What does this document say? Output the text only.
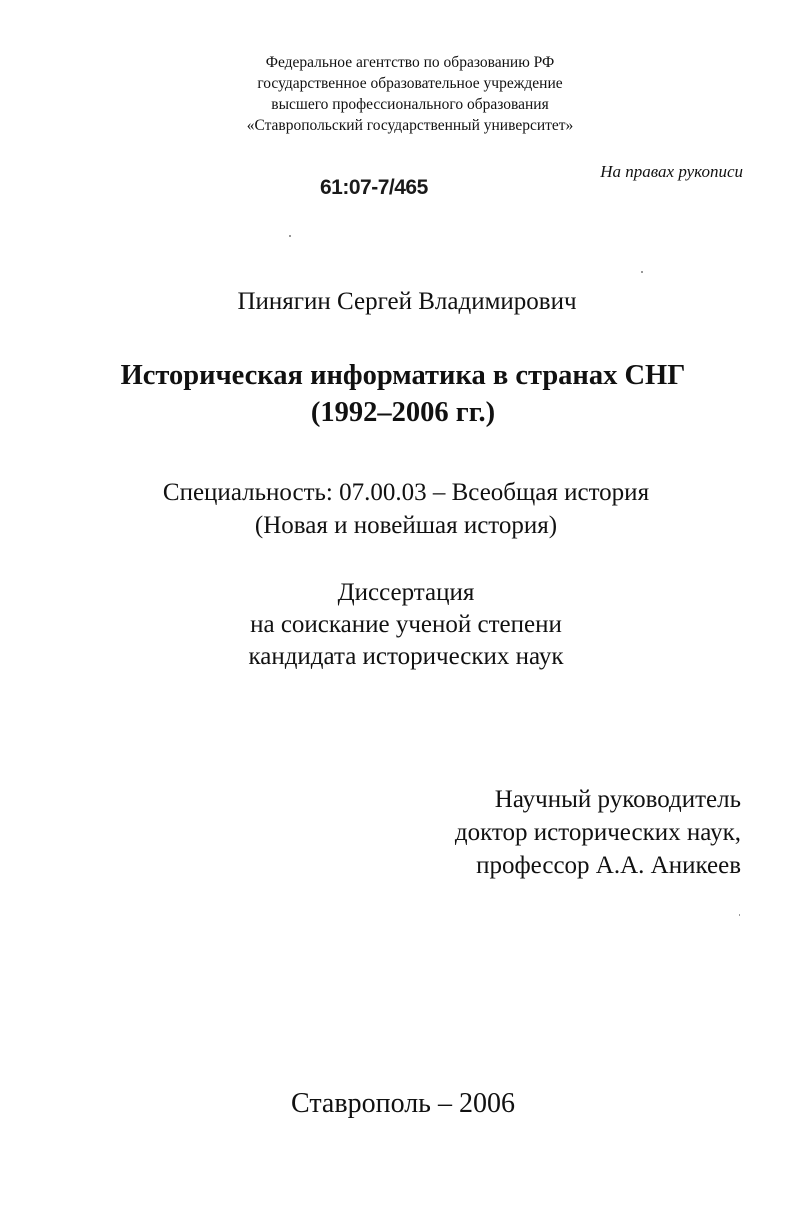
Федеральное агентство по образованию РФ
государственное образовательное учреждение
высшего профессионального образования
«Ставропольский государственный университет»
61:07-7/465
На правах рукописи
Пинягин Сергей Владимирович
Историческая информатика в странах СНГ
(1992–2006 гг.)
Специальность: 07.00.03 – Всеобщая история
(Новая и новейшая история)
Диссертация
на соискание ученой степени
кандидата исторических наук
Научный руководитель
доктор исторических наук,
профессор А.А. Аникеев
Ставрополь – 2006
